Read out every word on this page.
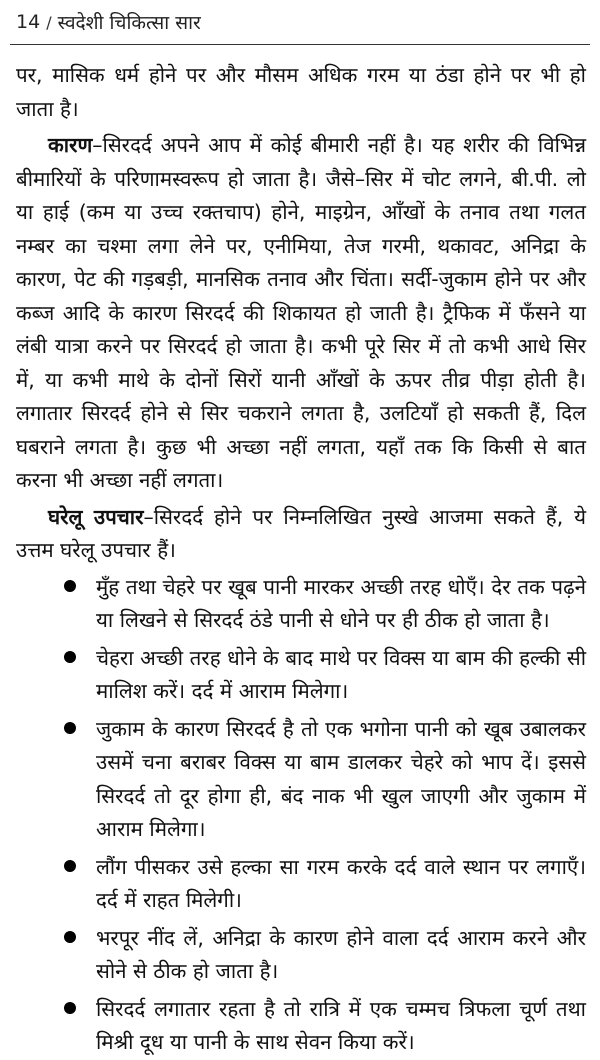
14 / स्वदेशी चिकित्सा सार

पर, मासिक धर्म होने पर और मौसम अधिक गरम या ठंडा होने पर भी हो जाता है।

कारण–सिरदर्द अपने आप में कोई बीमारी नहीं है। यह शरीर की विभिन्न बीमारियों के परिणामस्वरूप हो जाता है। जैसे–सिर में चोट लगने, बी.पी. लो या हाई (कम या उच्च रक्तचाप) होने, माइग्रेन, आँखों के तनाव तथा गलत नम्बर का चश्मा लगा लेने पर, एनीमिया, तेज गरमी, थकावट, अनिद्रा के कारण, पेट की गड़बड़ी, मानसिक तनाव और चिंता। सर्दी-जुकाम होने पर और कब्ज आदि के कारण सिरदर्द की शिकायत हो जाती है। ट्रैफिक में फँसने या लंबी यात्रा करने पर सिरदर्द हो जाता है। कभी पूरे सिर में तो कभी आधे सिर में, या कभी माथे के दोनों सिरों यानी आँखों के ऊपर तीव्र पीड़ा होती है। लगातार सिरदर्द होने से सिर चकराने लगता है, उलटियाँ हो सकती हैं, दिल घबराने लगता है। कुछ भी अच्छा नहीं लगता, यहाँ तक कि किसी से बात करना भी अच्छा नहीं लगता।

घरेलू उपचार–सिरदर्द होने पर निम्नलिखित नुस्खे आजमा सकते हैं, ये उत्तम घरेलू उपचार हैं।

मुँह तथा चेहरे पर खूब पानी मारकर अच्छी तरह धोएँ। देर तक पढ़ने या लिखने से सिरदर्द ठंडे पानी से धोने पर ही ठीक हो जाता है।
चेहरा अच्छी तरह धोने के बाद माथे पर विक्स या बाम की हल्की सी मालिश करें। दर्द में आराम मिलेगा।
जुकाम के कारण सिरदर्द है तो एक भगोना पानी को खूब उबालकर उसमें चना बराबर विक्स या बाम डालकर चेहरे को भाप दें। इससे सिरदर्द तो दूर होगा ही, बंद नाक भी खुल जाएगी और जुकाम में आराम मिलेगा।
लौंग पीसकर उसे हल्का सा गरम करके दर्द वाले स्थान पर लगाएँ। दर्द में राहत मिलेगी।
भरपूर नींद लें, अनिद्रा के कारण होने वाला दर्द आराम करने और सोने से ठीक हो जाता है।
सिरदर्द लगातार रहता है तो रात्रि में एक चम्मच त्रिफला चूर्ण तथा मिश्री दूध या पानी के साथ सेवन किया करें।
